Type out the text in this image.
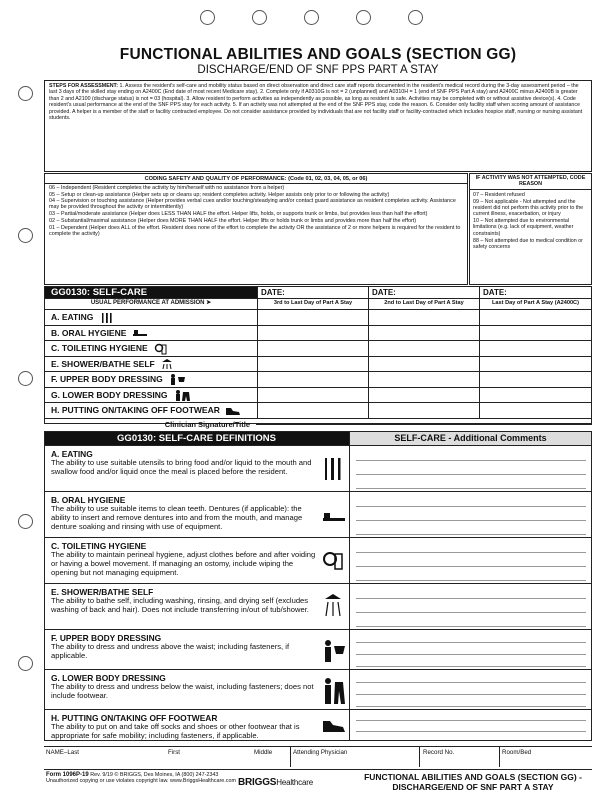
FUNCTIONAL ABILITIES AND GOALS (SECTION GG)
DISCHARGE/END OF SNF PPS PART A STAY
STEPS FOR ASSESSMENT: 1. Assess the resident's self-care and mobility status based on direct observation and direct care staff reports documented in the resident's medical record during the 3-day assessment period – the last 3 days of the skilled stay ending on A2400C (End date of most recent Medicare stay). 2. Complete only if A0310G is not = 2 (unplanned) and A0310H = 1 (end of SNF PPS Part A stay) and A2400C minus A2400B is greater than 2 and A2100 (discharge status) is not = 03 (hospital). 3. Allow resident to perform activities as independently as possible, as long as resident is safe. Activities may be completed with or without assistive device(s). 4. Code resident's usual performance at the end of the SNF PPS stay for each activity. 5. If an activity was not attempted at the end of the SNF PPS stay, code the reason. 6. Consider only facility staff when scoring amount of assistance provided. A helper is a member of the staff or facility contracted employee. Do not consider assistance provided by individuals that are not facility staff or facility-contracted which includes hospice staff, nursing or nursing assistant students.
CODING SAFETY AND QUALITY OF PERFORMANCE: (Code 01, 02, 03, 04, 05, or 06)
06 – Independent (Resident completes the activity by him/herself with no assistance from a helper)
05 – Setup or clean-up assistance (Helper sets up or cleans up; resident completes activity. Helper assists only prior to or following the activity)
04 – Supervision or touching assistance (Helper provides verbal cues and/or touching/steadying and/or contact guard assistance as resident completes activity. Assistance may be provided throughout the activity or intermittently)
03 – Partial/moderate assistance (Helper does LESS THAN HALF the effort. Helper lifts, holds, or supports trunk or limbs, but provides less than half the effort)
02 – Substantial/maximal assistance (Helper does MORE THAN HALF the effort. Helper lifts or holds trunk or limbs and provides more than half the effort)
01 – Dependent (Helper does ALL of the effort. Resident does none of the effort to complete the activity OR the assistance of 2 or more helpers is required for the resident to complete the activity)
IF ACTIVITY WAS NOT ATTEMPTED, CODE REASON
07 – Resident refused
09 – Not applicable - Not attempted and the resident did not perform this activity prior to the current illness, exacerbation, or injury
10 – Not attempted due to environmental limitations (e.g. lack of equipment, weather constraints)
88 – Not attempted due to medical condition or safety concerns
GG0130: SELF-CARE	DATE:	DATE:	DATE:
USUAL PERFORMANCE AT ADMISSION ➤	3rd to Last Day of Part A Stay	2nd to Last Day of Part A Stay	Last Day of Part A Stay (A2400C)
A. EATING
B. ORAL HYGIENE
C. TOILETING HYGIENE
E. SHOWER/BATHE SELF
F. UPPER BODY DRESSING
G. LOWER BODY DRESSING
H. PUTTING ON/TAKING OFF FOOTWEAR
Clinician Signature/Title
GG0130: SELF-CARE DEFINITIONS	SELF-CARE - Additional Comments
A. EATING
The ability to use suitable utensils to bring food and/or liquid to the mouth and swallow food and/or liquid once the meal is placed before the resident.
B. ORAL HYGIENE
The ability to use suitable items to clean teeth. Dentures (if applicable): the ability to insert and remove dentures into and from the mouth, and manage denture soaking and rinsing with use of equipment.
C. TOILETING HYGIENE
The ability to maintain perineal hygiene, adjust clothes before and after voiding or having a bowel movement. If managing an ostomy, include wiping the opening but not managing equipment.
E. SHOWER/BATHE SELF
The ability to bathe self, including washing, rinsing, and drying self (excludes washing of back and hair). Does not include transferring in/out of tub/shower.
F. UPPER BODY DRESSING
The ability to dress and undress above the waist; including fasteners, if applicable.
G. LOWER BODY DRESSING
The ability to dress and undress below the waist, including fasteners; does not include footwear.
H. PUTTING ON/TAKING OFF FOOTWEAR
The ability to put on and take off socks and shoes or other footwear that is appropriate for safe mobility; including fasteners, if applicable.
NAME–Last	First	Middle	Attending Physician	Record No.	Room/Bed
Form 1096P-19 Rev. 9/19 © BRIGGS, Des Moines, IA (800) 247-2343
Unauthorized copying or use violates copyright law. www.BriggsHealthcare.com BRIGGSHealthcare
FUNCTIONAL ABILITIES AND GOALS (SECTION GG) -
DISCHARGE/END OF SNF PART A STAY
